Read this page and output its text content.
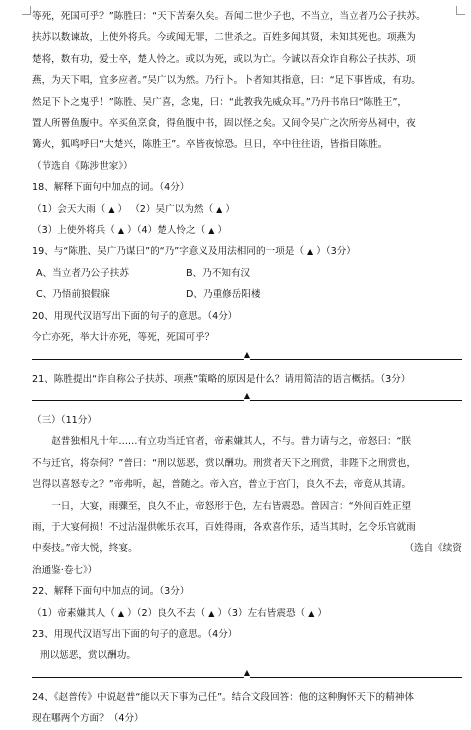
等死，死国可乎？”陈胜曰：“天下苦秦久矣。吾闻二世少子也，不当立，当立者乃公子扶苏。

扶苏以数谏故，上使外将兵。今或闻无罪，二世杀之。百姓多闻其贤，未知其死也。项燕为

楚将，数有功，爱士卒，楚人怜之。或以为死，或以为亡。今诚以吾众诈自称公子扶苏、项

燕，为天下唱，宜多应者。”吴广以为然。乃行卜。卜者知其指意，曰：“足下事皆成，有功。

然足下卜之鬼乎！”陈胜、吴广喜，念鬼，曰：“此教我先威众耳。”乃丹书帛曰“陈胜王”，

置人所罾鱼腹中。卒买鱼烹食，得鱼腹中书，固以怪之矣。又间令吴广之次所旁丛祠中，夜

篝火，狐鸣呼曰“大楚兴，陈胜王”。卒皆夜惊恐。旦日，卒中往往语，皆指目陈胜。

（节选自《陈涉世家》）

18、解释下面句中加点的词。（4分）

（1）会天大雨（ ▲ ） （2）吴广以为然（ ▲ ）

（3）上使外将兵（ ▲ ）（4）楚人怜之（ ▲ ）

19、与“陈胜、吴广乃谋曰”的“乃”字意义及用法相同的一项是（ ▲ ）（3分）

A、当立者乃公子扶苏	B、乃不知有汉
C、乃悟前狼假寐	D、乃重修岳阳楼

20、用现代汉语写出下面的句子的意思。（4分）

今亡亦死，举大计亦死，等死，死国可乎？

▲

21、陈胜提出“诈自称公子扶苏、项燕”策略的原因是什么？请用简洁的语言概括。（3分）

▲

（三）（11分）

赵普独相凡十年……有立功当迁官者，帝素嫌其人，不与。普力请与之，帝怒曰：“朕

不与迁官，将奈何？”普曰：“刑以惩恶，赏以酬功。刑赏者天下之刑赏，非陛下之刑赏也，

岂得以喜怒专之？”帝弗听，起，普随之。帝入宫，普立于宫门，良久不去，帝竟从其请。

一日，大宴，雨骤至，良久不止，帝怒形于色，左右皆震恐。普因言：“外间百姓正望

雨，于大宴何损！不过沾湿供帐乐衣耳，百姓得雨，各欢喜作乐，适当其时，乞令乐官就雨

中奏技。”帝大悦，终宴。	（选自《续资

治通鉴·卷七》）

22、解释下面句中加点的词。（3分）

（1）帝素嫌其人（ ▲ ）（2）良久不去（ ▲ ）（3）左右皆震恐（ ▲ ）

23、用现代汉语写出下面的句子的意思。（4分）

刑以惩恶，赏以酬功。

▲

24、《赵普传》中说赵普“能以天下事为己任”。结合文段回答：他的这种胸怀天下的精神体

现在哪两个方面？（4分）
